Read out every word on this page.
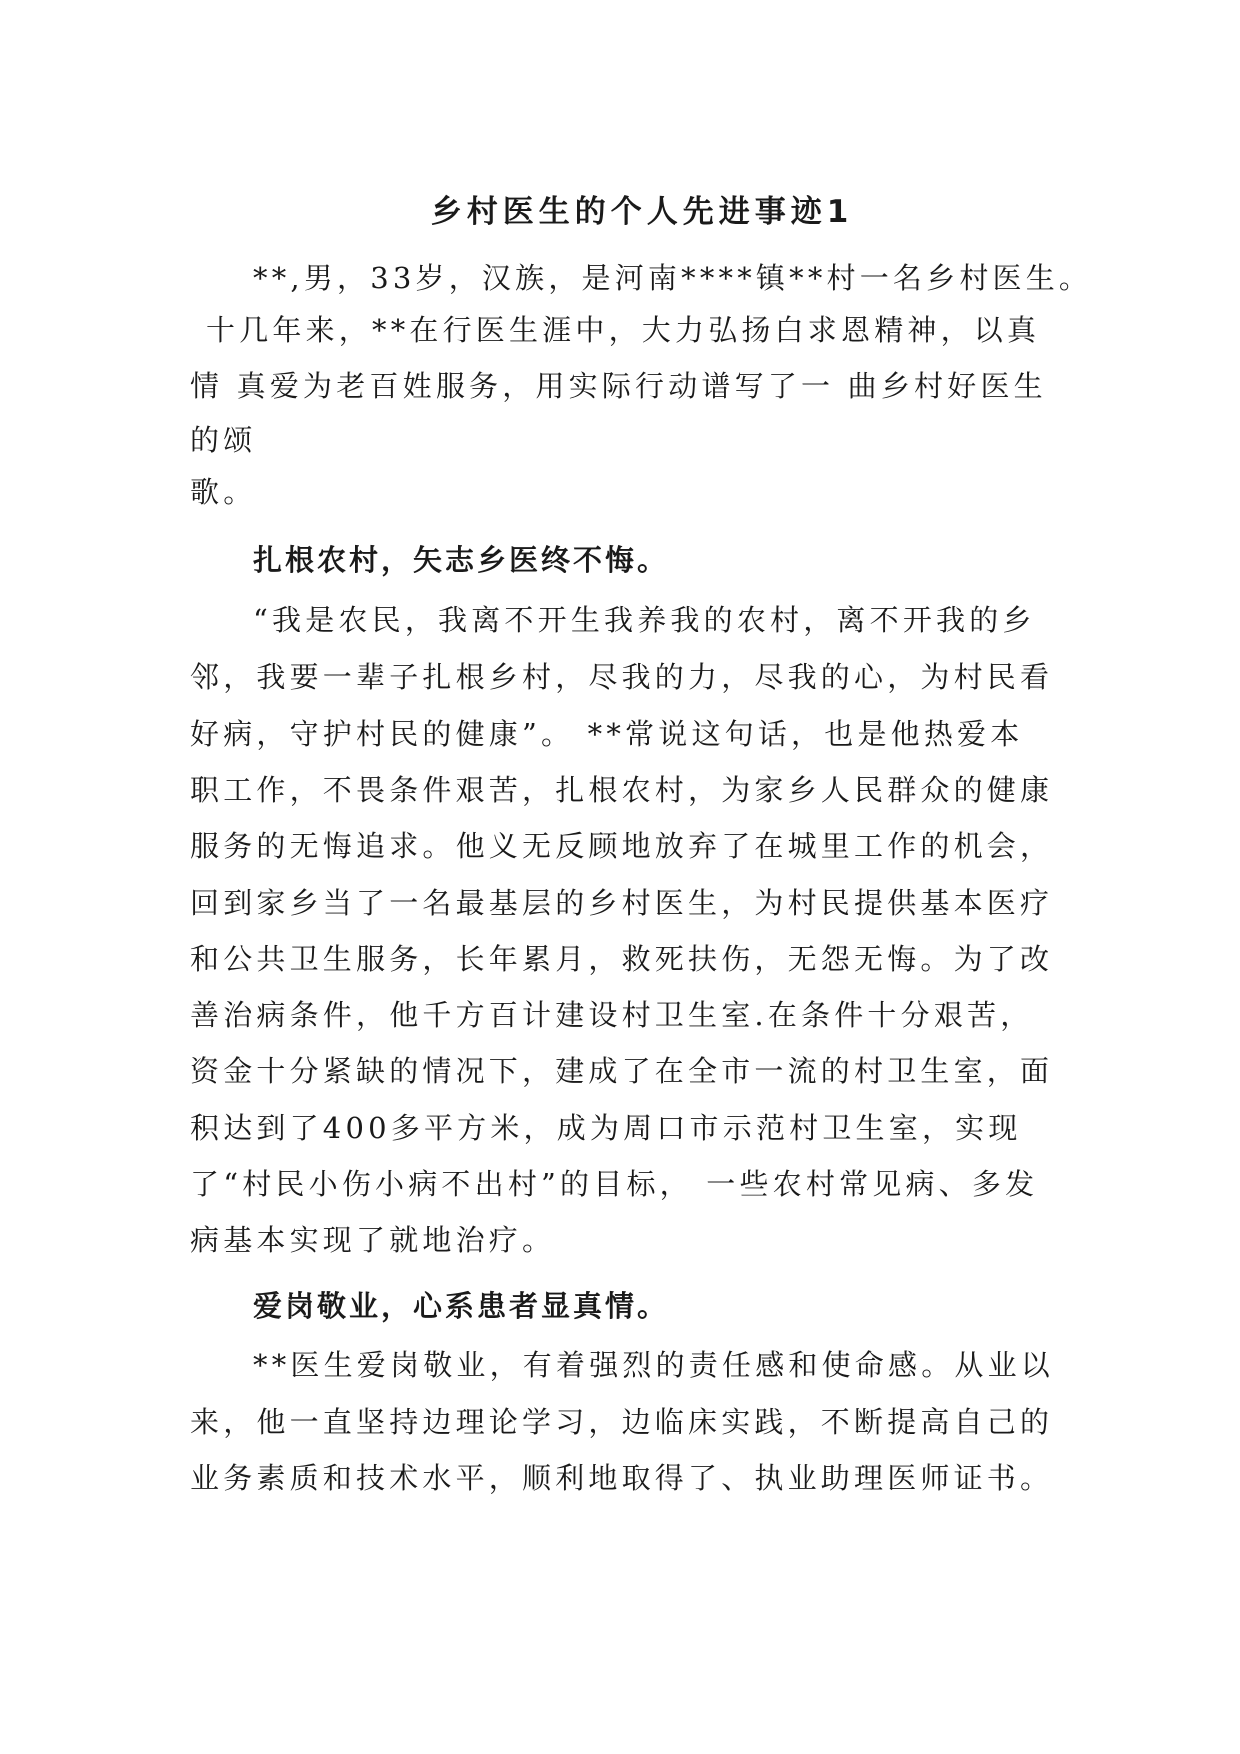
乡村医生的个人先进事迹1
**,男，33岁，汉族，是河南****镇**村一名乡村医生。
十几年来，**在行医生涯中，大力弘扬白求恩精神，以真
情 真爱为老百姓服务，用实际行动谱写了一 曲乡村好医生
的颂
歌。
扎根农村，矢志乡医终不悔。
“我是农民，我离不开生我养我的农村，离不开我的乡
邻，我要一辈子扎根乡村，尽我的力，尽我的心，为村民看
好病，守护村民的健康”。 **常说这句话，也是他热爱本
职工作，不畏条件艰苦，扎根农村，为家乡人民群众的健康
服务的无悔追求。他义无反顾地放弃了在城里工作的机会，
回到家乡当了一名最基层的乡村医生，为村民提供基本医疗
和公共卫生服务，长年累月，救死扶伤，无怨无悔。为了改
善治病条件，他千方百计建设村卫生室.在条件十分艰苦，
资金十分紧缺的情况下，建成了在全市一流的村卫生室，面
积达到了400多平方米，成为周口市示范村卫生室，实现
了“村民小伤小病不出村”的目标， 一些农村常见病、多发
病基本实现了就地治疗。
爱岗敬业，心系患者显真情。
**医生爱岗敬业，有着强烈的责任感和使命感。从业以
来，他一直坚持边理论学习，边临床实践，不断提高自己的
业务素质和技术水平，顺利地取得了、执业助理医师证书。
